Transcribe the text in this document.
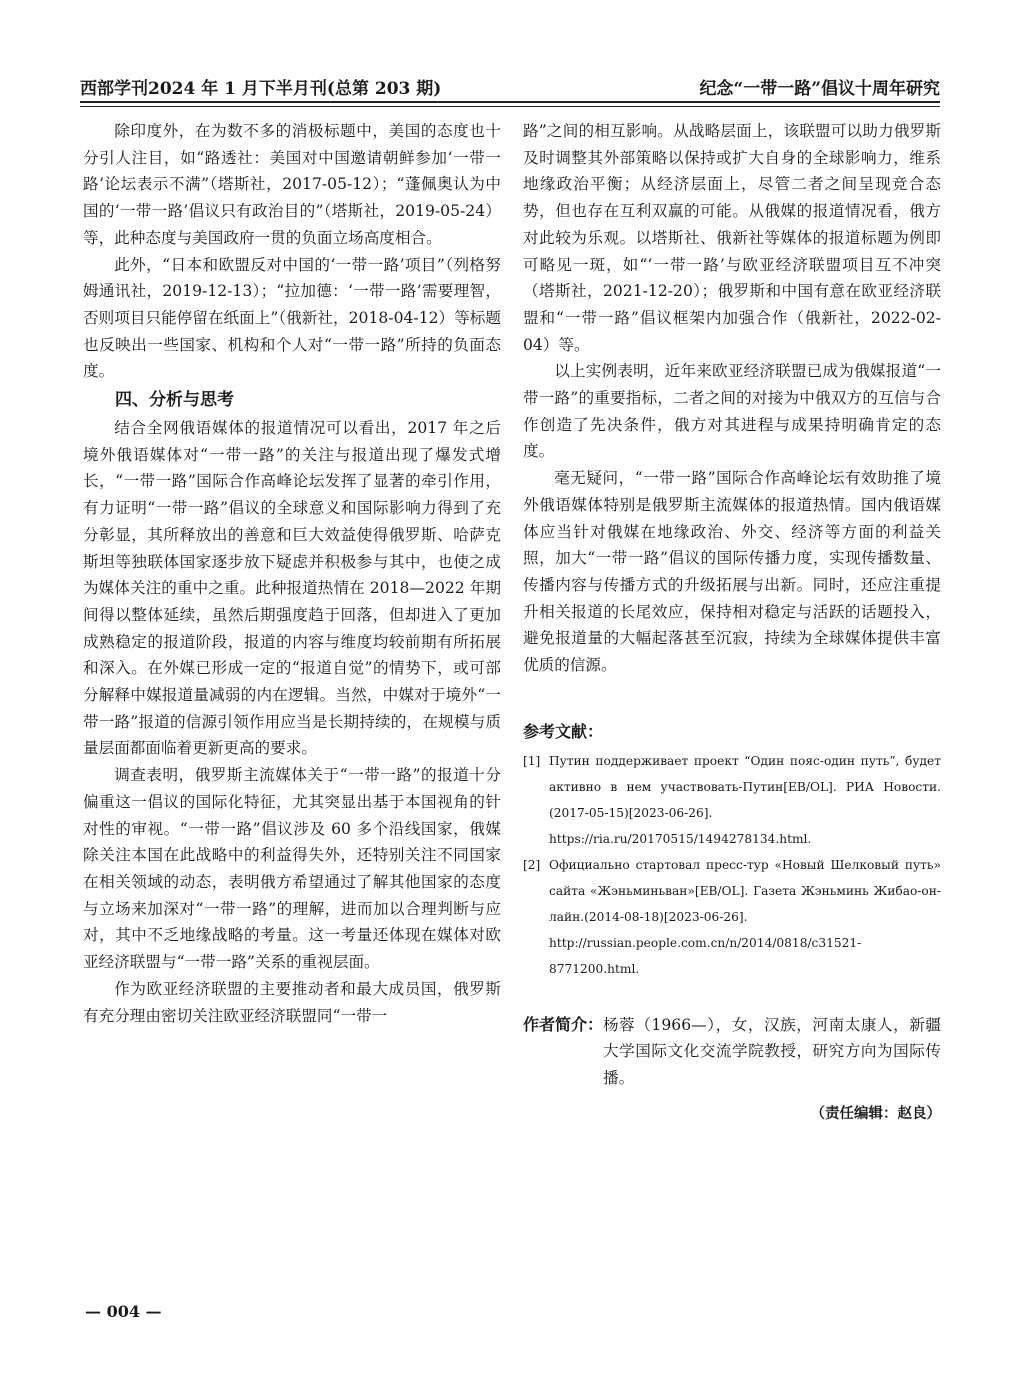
西部学刊2024 年 1 月下半月刊(总第 203 期)	纪念“一带一路”倡议十周年研究

除印度外，在为数不多的消极标题中，美国的态度也十分引人注目，如“路透社：美国对中国邀请朝鲜参加‘一带一路’论坛表示不满”（塔斯社，2017-05-12）；“蓬佩奥认为中国的‘一带一路’倡议只有政治目的”（塔斯社，2019-05-24）等，此种态度与美国政府一贯的负面立场高度相合。

此外，“日本和欧盟反对中国的‘一带一路’项目”（列格努姆通讯社，2019-12-13）；“拉加德：‘一带一路’需要理智，否则项目只能停留在纸面上”（俄新社，2018-04-12）等标题也反映出一些国家、机构和个人对“一带一路”所持的负面态度。

四、分析与思考

结合全网俄语媒体的报道情况可以看出，2017 年之后境外俄语媒体对“一带一路”的关注与报道出现了爆发式增长，“一带一路”国际合作高峰论坛发挥了显著的牵引作用，有力证明“一带一路”倡议的全球意义和国际影响力得到了充分彰显，其所释放出的善意和巨大效益使得俄罗斯、哈萨克斯坦等独联体国家逐步放下疑虑并积极参与其中，也使之成为媒体关注的重中之重。此种报道热情在 2018—2022 年期间得以整体延续，虽然后期强度趋于回落，但却进入了更加成熟稳定的报道阶段，报道的内容与维度均较前期有所拓展和深入。在外媒已形成一定的“报道自觉”的情势下，或可部分解释中媒报道量减弱的内在逻辑。当然，中媒对于境外“一带一路”报道的信源引领作用应当是长期持续的，在规模与质量层面都面临着更新更高的要求。

调查表明，俄罗斯主流媒体关于“一带一路”的报道十分偏重这一倡议的国际化特征，尤其突显出基于本国视角的针对性的审视。“一带一路”倡议涉及 60 多个沿线国家，俄媒除关注本国在此战略中的利益得失外，还特别关注不同国家在相关领域的动态，表明俄方希望通过了解其他国家的态度与立场来加深对“一带一路”的理解，进而加以合理判断与应对，其中不乏地缘战略的考量。这一考量还体现在媒体对欧亚经济联盟与“一带一路”关系的重视层面。

作为欧亚经济联盟的主要推动者和最大成员国，俄罗斯有充分理由密切关注欧亚经济联盟同“一带一

路”之间的相互影响。从战略层面上，该联盟可以助力俄罗斯及时调整其外部策略以保持或扩大自身的全球影响力，维系地缘政治平衡；从经济层面上，尽管二者之间呈现竞合态势，但也存在互利双赢的可能。从俄媒的报道情况看，俄方对此较为乐观。以塔斯社、俄新社等媒体的报道标题为例即可略见一斑，如“‘一带一路’与欧亚经济联盟项目互不冲突（塔斯社，2021-12-20）；俄罗斯和中国有意在欧亚经济联盟和“一带一路”倡议框架内加强合作（俄新社，2022-02-04）等。

以上实例表明，近年来欧亚经济联盟已成为俄媒报道“一带一路”的重要指标，二者之间的对接为中俄双方的互信与合作创造了先决条件，俄方对其进程与成果持明确肯定的态度。

毫无疑问，“一带一路”国际合作高峰论坛有效助推了境外俄语媒体特别是俄罗斯主流媒体的报道热情。国内俄语媒体应当针对俄媒在地缘政治、外交、经济等方面的利益关照，加大“一带一路”倡议的国际传播力度，实现传播数量、传播内容与传播方式的升级拓展与出新。同时，还应注重提升相关报道的长尾效应，保持相对稳定与活跃的话题投入，避免报道量的大幅起落甚至沉寂，持续为全球媒体提供丰富优质的信源。

参考文献：
[1] Путин поддерживает проект “Один пояс-один путь”, будет активно в нем участвовать-Путин[EB/OL]. РИА Новости.(2017-05-15)[2023-06-26]. https://ria.ru/20170515/1494278134.html.
[2] Официально стартовал пресс-тур «Новый Шелковый путь» сайта «Жэньминьван»[EB/OL]. Газета Жэньминь Жибао-он-лайн.(2014-08-18)[2023-06-26]. http://russian.people.com.cn/n/2014/0818/c31521-8771200.html.
作者简介： 杨蓉（1966—），女，汉族，河南太康人，新疆大学国际文化交流学院教授，研究方向为国际传播。
（责任编辑：赵良）
— 004 —
